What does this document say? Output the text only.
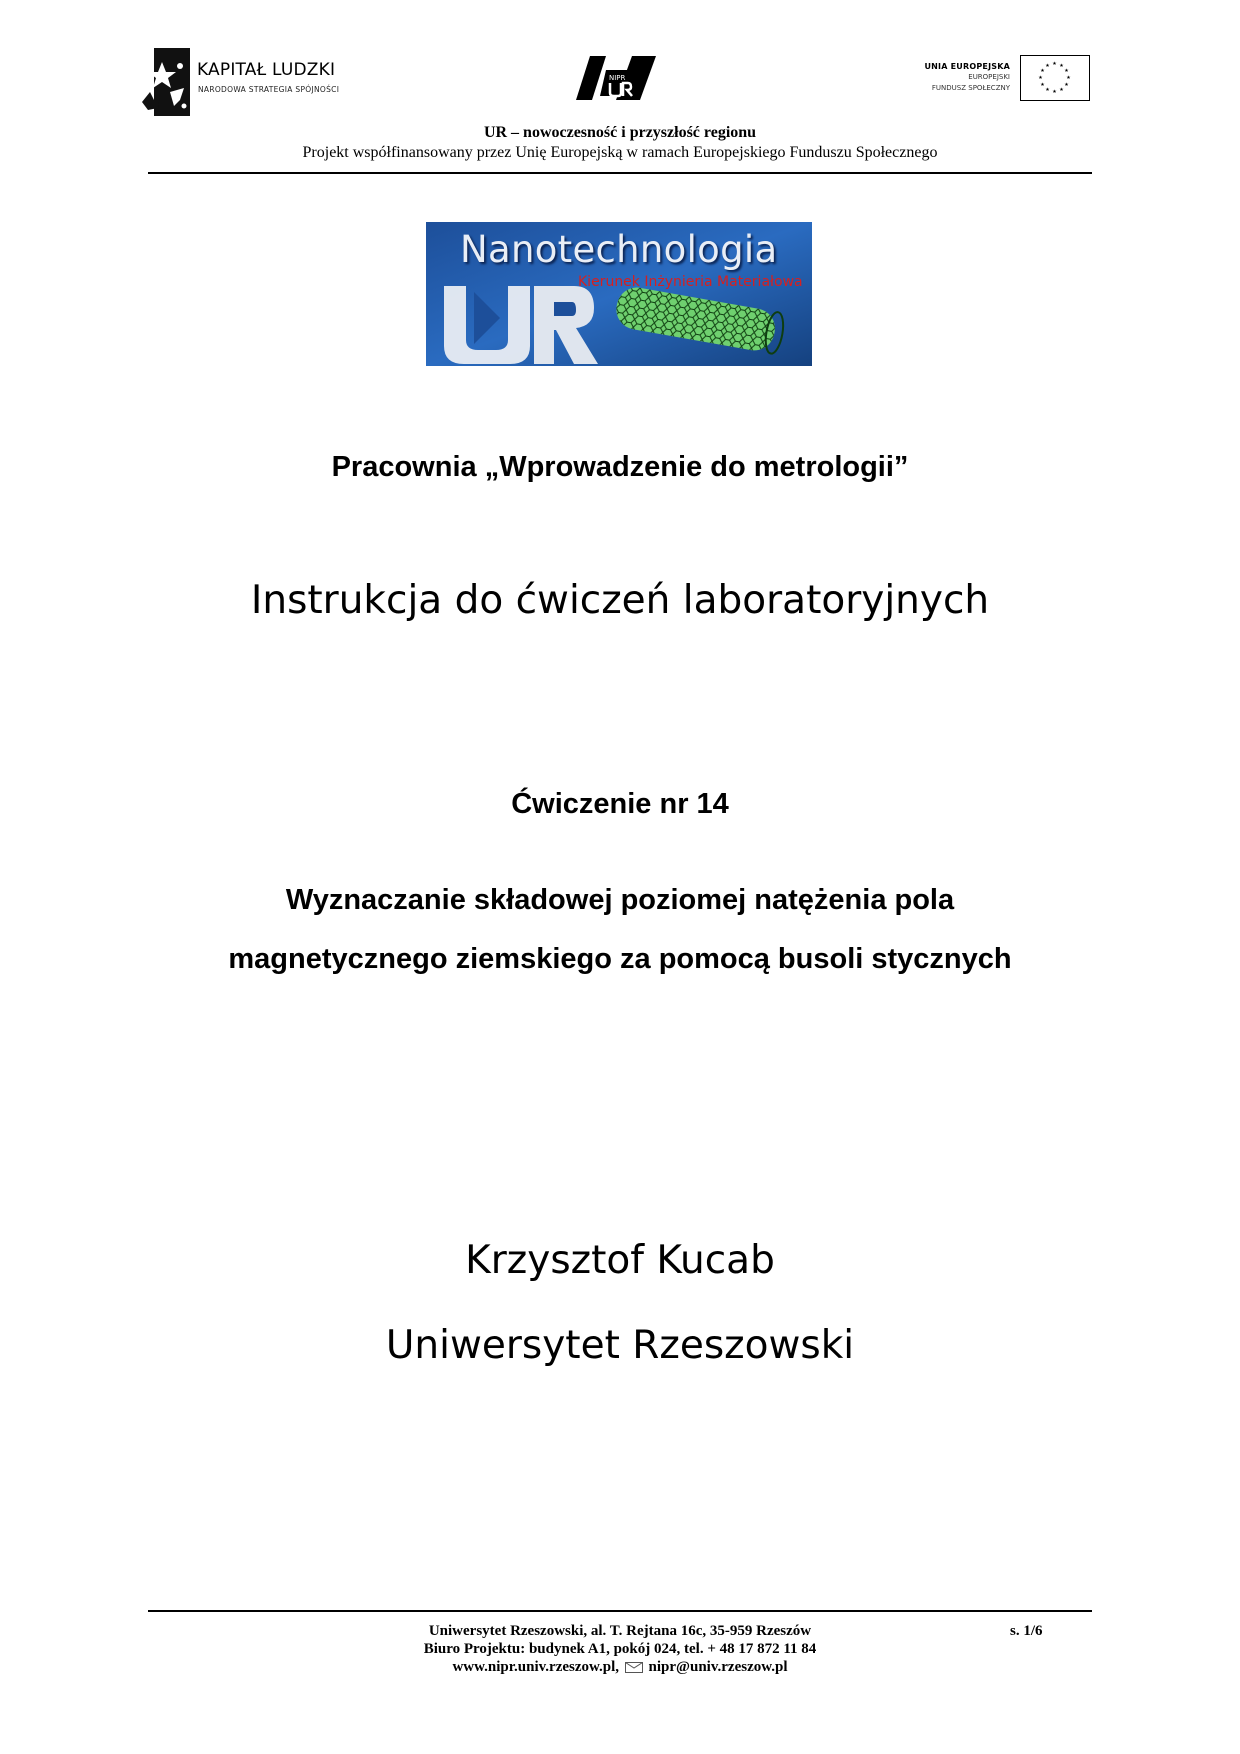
KAPITAŁ LUDZKI
NARODOWA STRATEGIA SPÓJNOŚCI
NIPR
UNIA EUROPEJSKA
EUROPEJSKI
FUNDUSZ SPOŁECZNY
★ ★
★
★
★
★
★
★
★
★
★
★
UR – nowoczesność i przyszłość regionu
Projekt współfinansowany przez Unię Europejską w ramach Europejskiego Funduszu Społecznego
Nanotechnologia
Kierunek Inżynieria Materiałowa
Pracownia „Wprowadzenie do metrologii”
Instrukcja do ćwiczeń laboratoryjnych
Ćwiczenie nr 14
Wyznaczanie składowej poziomej natężenia pola
magnetycznego ziemskiego za pomocą busoli stycznych
Krzysztof Kucab
Uniwersytet Rzeszowski
Uniwersytet Rzeszowski, al. T. Rejtana 16c, 35-959 Rzeszów
Biuro Projektu: budynek A1, pokój 024, tel. + 48 17 872 11 84
www.nipr.univ.rzeszow.pl, nipr@univ.rzeszow.pl
s. 1/6
